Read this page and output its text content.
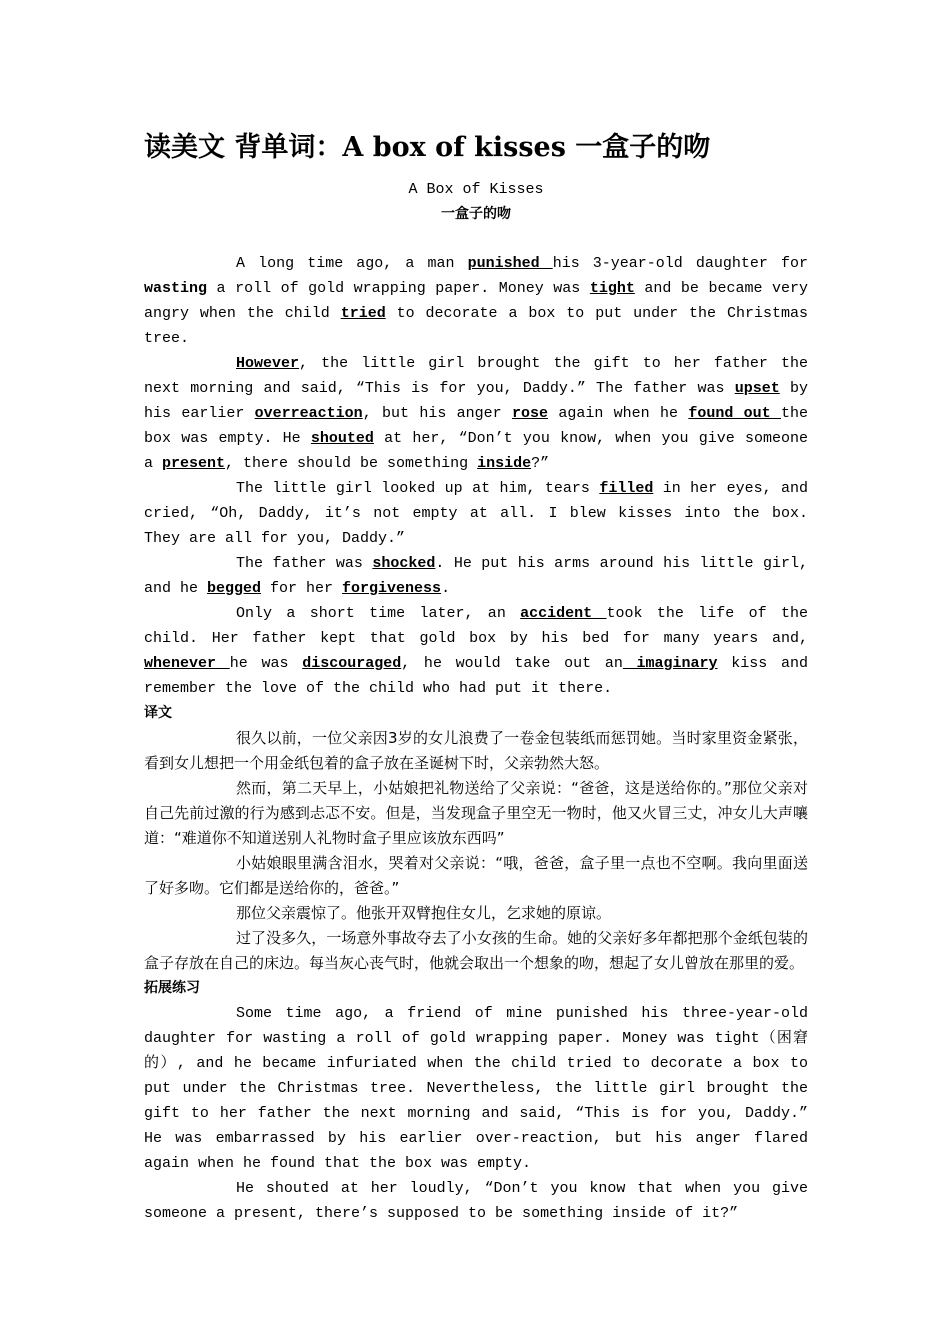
读美文 背单词：A box of kisses 一盒子的吻
A Box of Kisses
一盒子的吻

A long time ago, a man punished his 3-year-old daughter for wasting a roll of gold wrapping paper. Money was tight and be became very angry when the child tried to decorate a box to put under the Christmas tree.

However, the little girl brought the gift to her father the next morning and said, “This is for you, Daddy.” The father was upset by his earlier overreaction, but his anger rose again when he found out the box was empty. He shouted at her, “Don’t you know, when you give someone a present, there should be something inside?”

The little girl looked up at him, tears filled in her eyes, and cried, “Oh, Daddy, it’s not empty at all. I blew kisses into the box. They are all for you, Daddy.”

The father was shocked. He put his arms around his little girl, and he begged for her forgiveness.

Only a short time later, an accident took the life of the child. Her father kept that gold box by his bed for many years and, whenever he was discouraged, he would take out an imaginary kiss and remember the love of the child who had put it there.

译文

很久以前，一位父亲因3岁的女儿浪费了一卷金包装纸而惩罚她。当时家里资金紧张，看到女儿想把一个用金纸包着的盒子放在圣诞树下时，父亲勃然大怒。

然而，第二天早上，小姑娘把礼物送给了父亲说：“爸爸，这是送给你的。”那位父亲对自己先前过激的行为感到忐忑不安。但是，当发现盒子里空无一物时，他又火冒三丈，冲女儿大声嚷道：“难道你不知道送别人礼物时盒子里应该放东西吗”

小姑娘眼里满含泪水，哭着对父亲说：“哦，爸爸，盒子里一点也不空啊。我向里面送了好多吻。它们都是送给你的，爸爸。”

那位父亲震惊了。他张开双臂抱住女儿，乞求她的原谅。

过了没多久，一场意外事故夺去了小女孩的生命。她的父亲好多年都把那个金纸包装的盒子存放在自己的床边。每当灰心丧气时，他就会取出一个想象的吻，想起了女儿曾放在那里的爱。

拓展练习

Some time ago, a friend of mine punished his three-year-old daughter for wasting a roll of gold wrapping paper. Money was tight（困窘的）, and he became infuriated when the child tried to decorate a box to put under the Christmas tree. Nevertheless, the little girl brought the gift to her father the next morning and said, “This is for you, Daddy.” He was embarrassed by his earlier over-reaction, but his anger flared again when he found that the box was empty.

He shouted at her loudly, “Don’t you know that when you give someone a present, there’s supposed to be something inside of it?”
